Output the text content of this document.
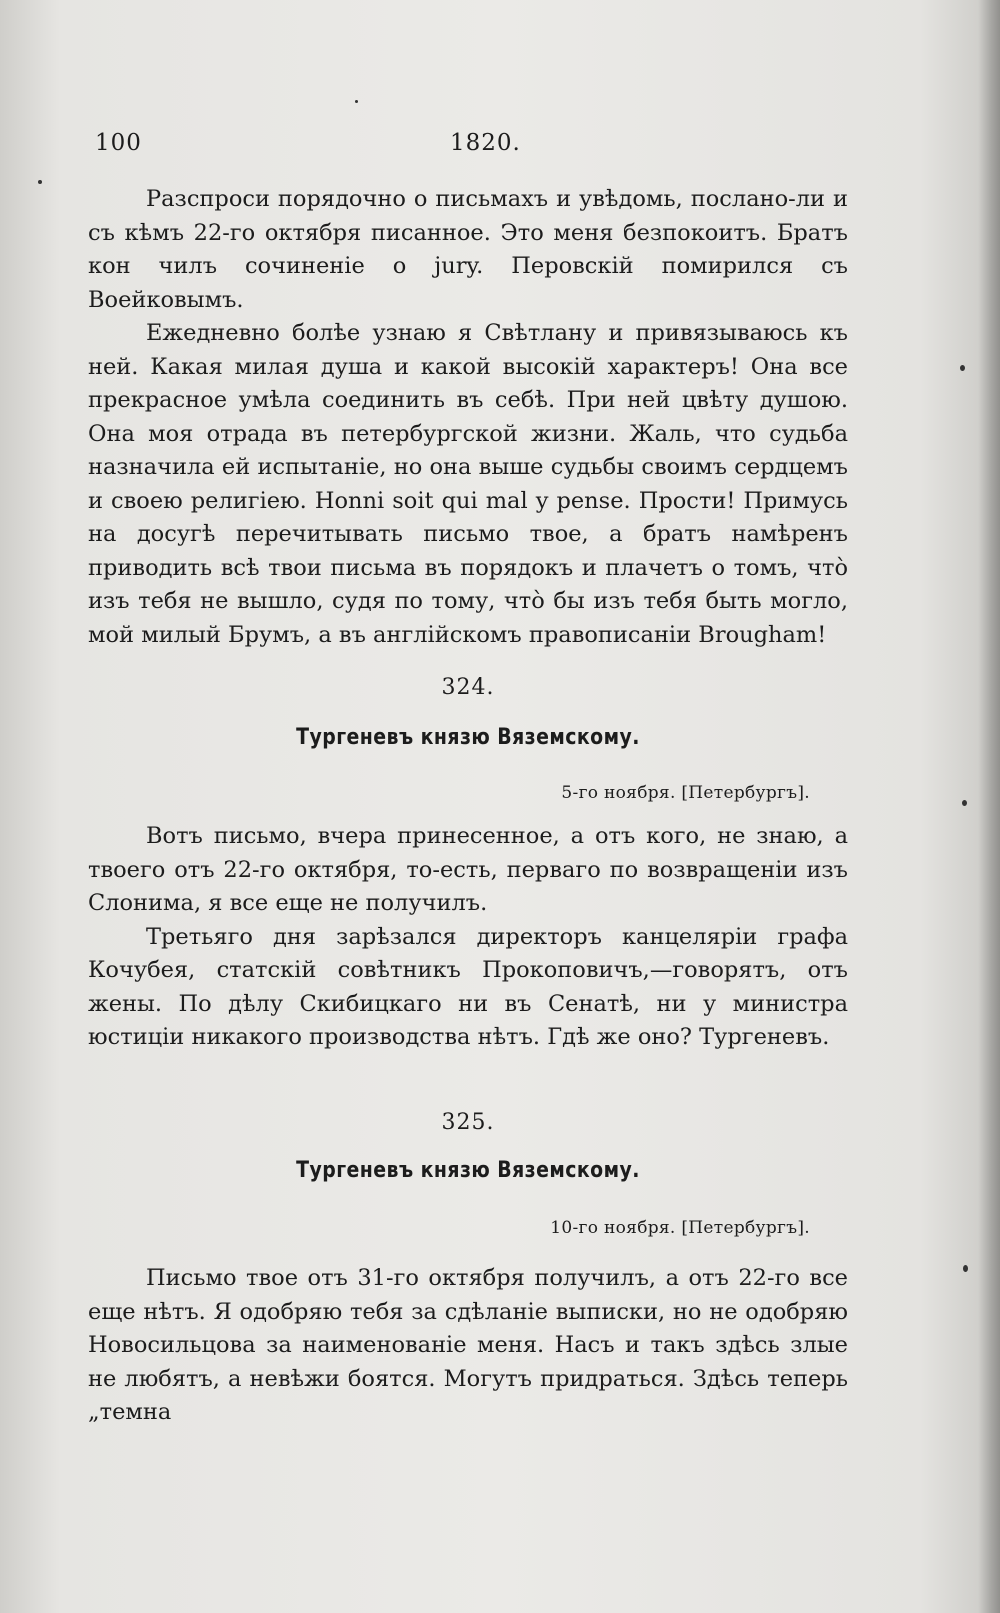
100	1820.

Разспроси порядочно о письмахъ и увѣдомь, послано-ли и съ кѣмъ 22-го октября писанное. Это меня безпокоитъ. Братъ кон чилъ сочиненіе о jury. Перовскій помирился съ Воейковымъ.

Ежедневно болѣе узнаю я Свѣтлану и привязываюсь къ ней. Какая милая душа и какой высокій характеръ! Она все прекрасное умѣла соединить въ себѣ. При ней цвѣту душою. Она моя отрада въ петербургской жизни. Жаль, что судьба назначила ей испытаніе, но она выше судьбы своимъ сердцемъ и своею религіею. Honni soit qui mal y pense. Прости! Примусь на досугѣ перечитывать письмо твое, а братъ намѣренъ приводить всѣ твои письма въ порядокъ и плачетъ о томъ, что̀ изъ тебя не вышло, судя по тому, что̀ бы изъ тебя быть могло, мой милый Брумъ, а въ англійскомъ правописаніи Brougham!

324.
Тургеневъ князю Вяземскому.
5-го ноября. [Петербургъ].

Вотъ письмо, вчера принесенное, а отъ кого, не знаю, а твоего отъ 22-го октября, то-есть, перваго по возвращеніи изъ Слонима, я все еще не получилъ.

Третьяго дня зарѣзался директоръ канцеляріи графа Кочубея, статскій совѣтникъ Прокоповичъ,—говорятъ, отъ жены. По дѣлу Скибицкаго ни въ Сенатѣ, ни у министра юстиціи никакого производства нѣтъ. Гдѣ же оно? Тургеневъ.

325.
Тургеневъ князю Вяземскому.
10-го ноября. [Петербургъ].

Письмо твое отъ 31-го октября получилъ, а отъ 22-го все еще нѣтъ. Я одобряю тебя за сдѣланіе выписки, но не одобряю Новосильцова за наименованіе меня. Насъ и такъ здѣсь злые не любятъ, а невѣжи боятся. Могутъ придраться. Здѣсь теперь „темна
